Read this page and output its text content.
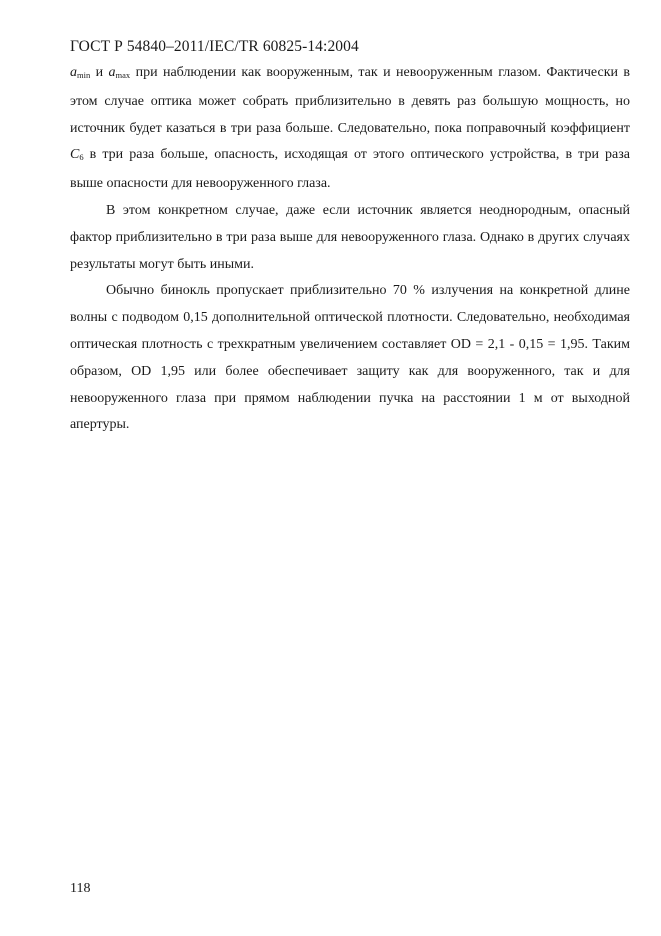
ГОСТ Р 54840–2011/IEC/TR 60825-14:2004

$a_{min}$ и $a_{max}$ при наблюдении как вооруженным, так и невооруженным глазом. Фактически в этом случае оптика может собрать приблизительно в девять раз большую мощность, но источник будет казаться в три раза больше. Следовательно, пока поправочный коэффициент $C_6$ в три раза больше, опасность, исходящая от этого оптического устройства, в три раза выше опасности для невооруженного глаза.

В этом конкретном случае, даже если источник является неоднородным, опасный фактор приблизительно в три раза выше для невооруженного глаза. Однако в других случаях результаты могут быть иными.

Обычно бинокль пропускает приблизительно 70 % излучения на конкретной длине волны с подводом 0,15 дополнительной оптической плотности. Следовательно, необходимая оптическая плотность с трехкратным увеличением составляет OD = 2,1 - 0,15 = 1,95. Таким образом, OD 1,95 или более обеспечивает защиту как для вооруженного, так и для невооруженного глаза при прямом наблюдении пучка на расстоянии 1 м от выходной апертуры.

118
